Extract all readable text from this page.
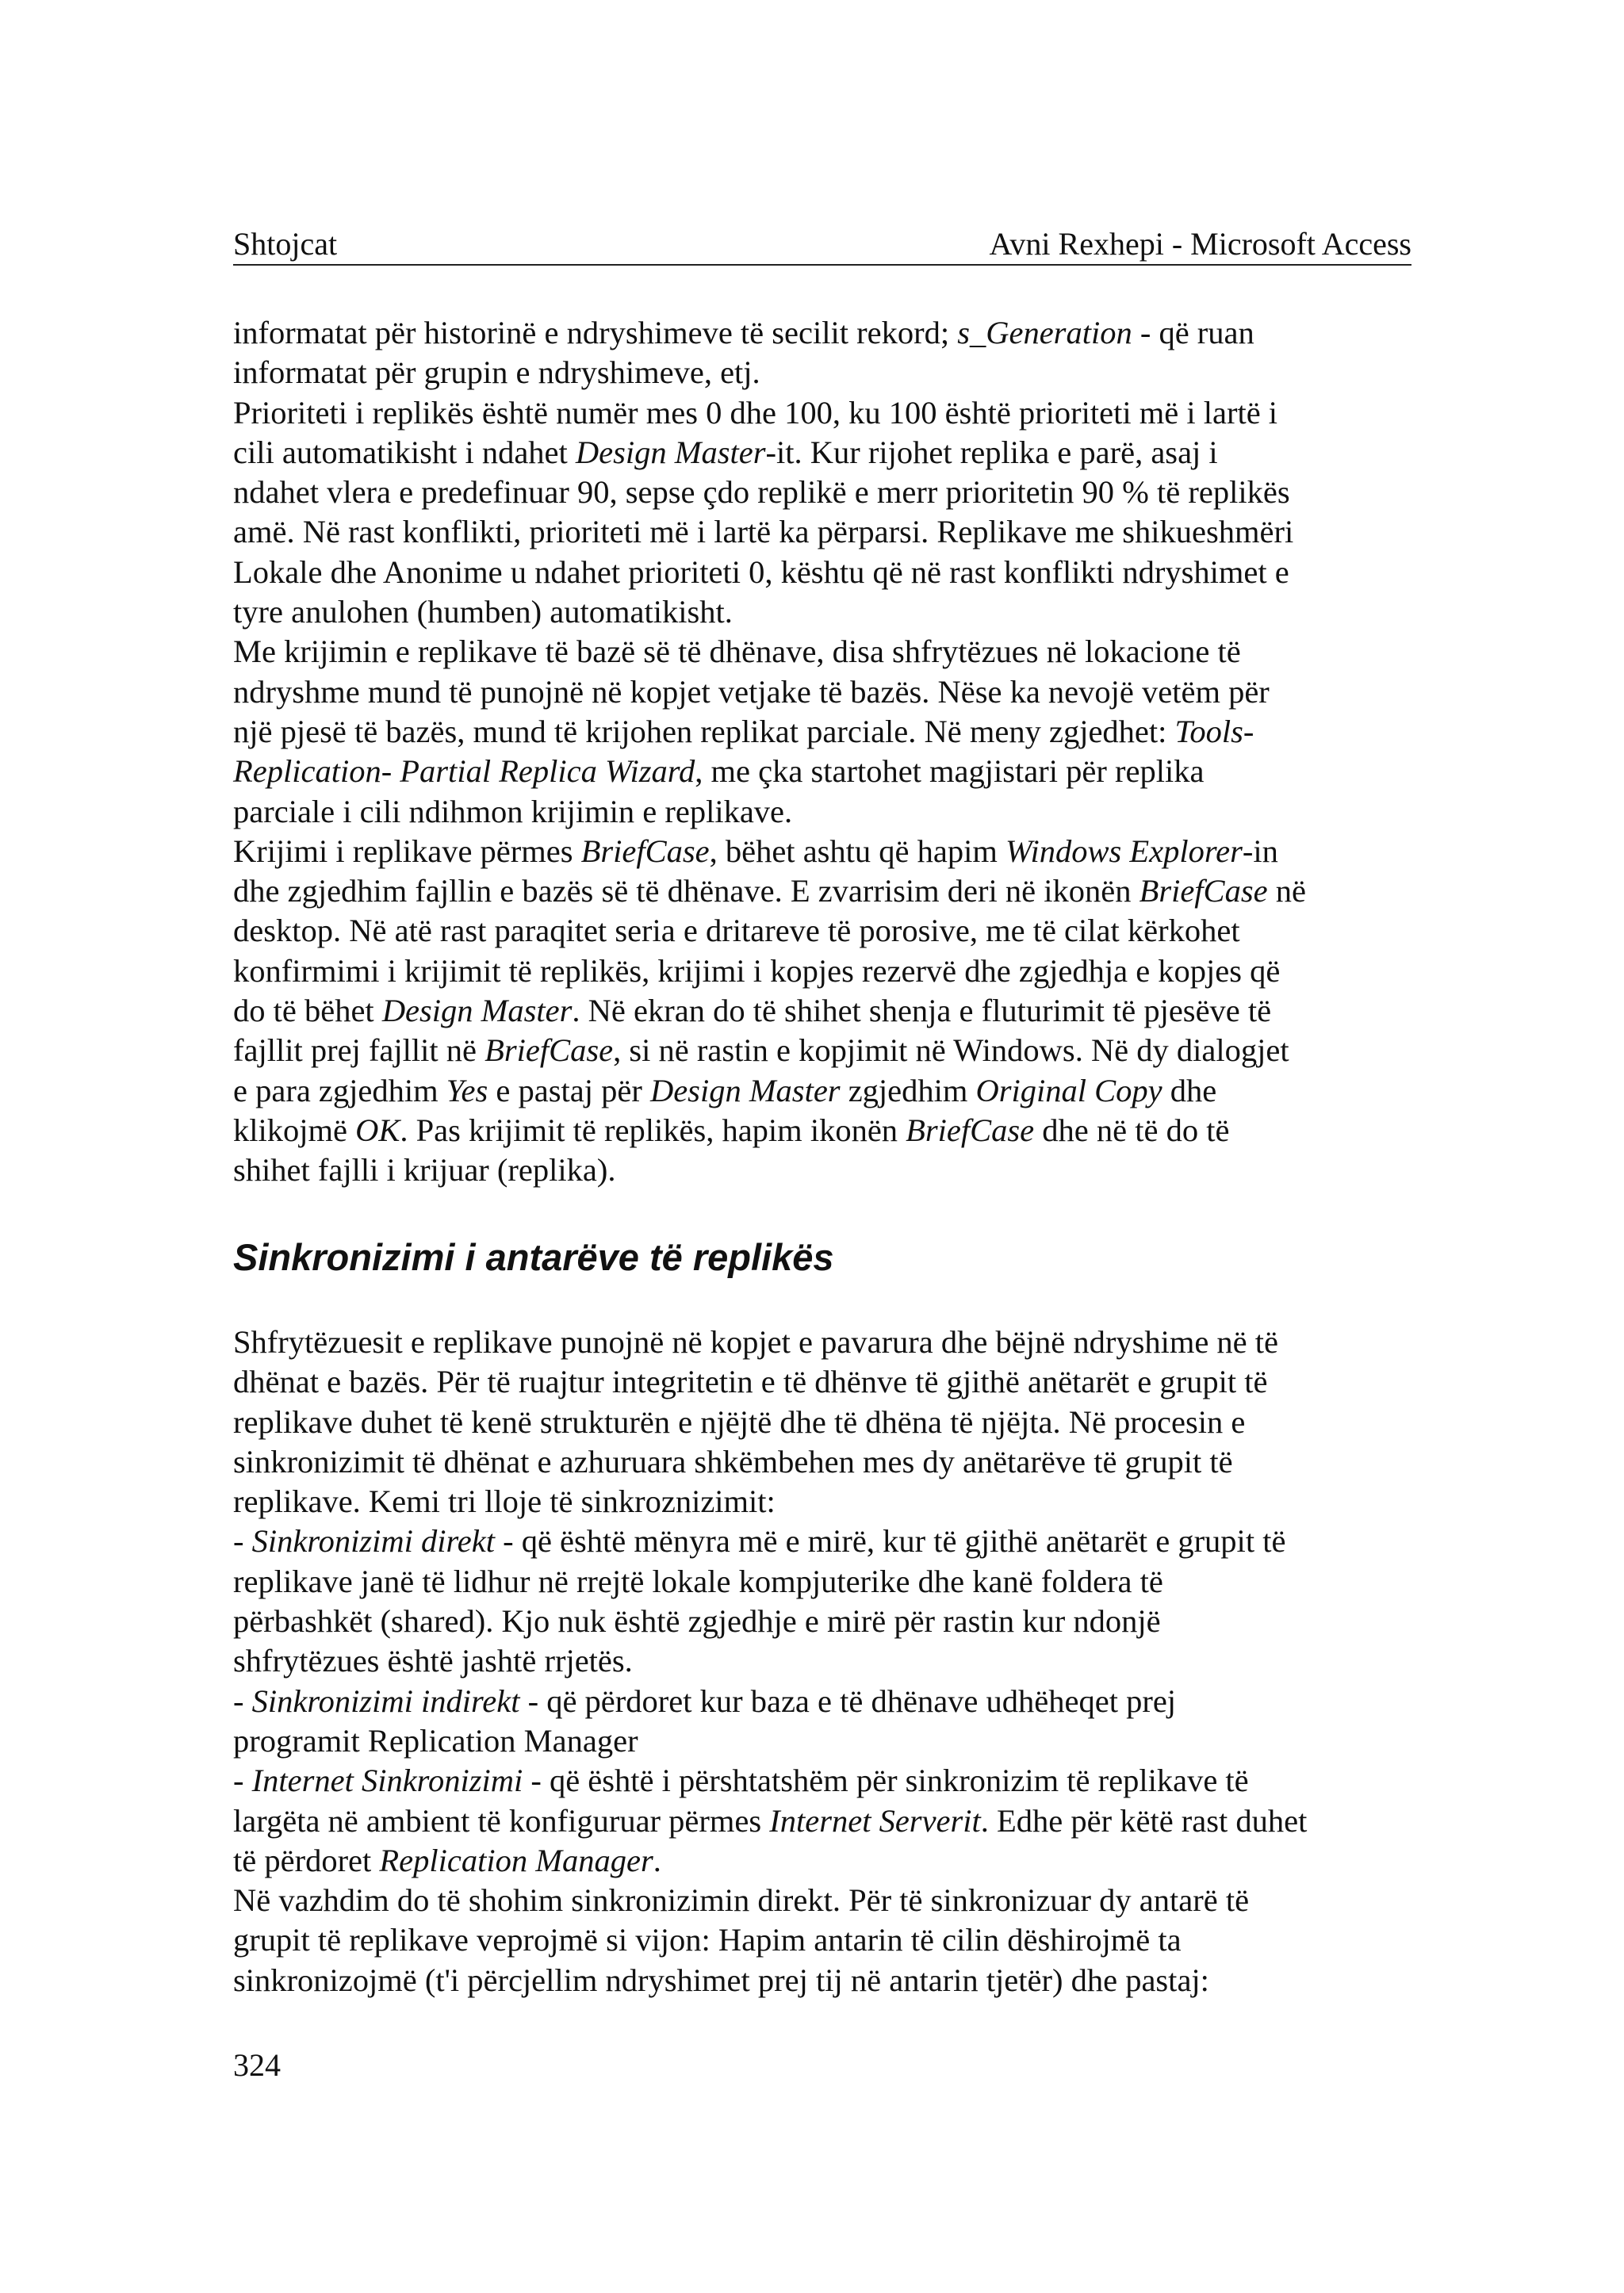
Shtojcat	Avni Rexhepi - Microsoft Access
informatat për historinë e ndryshimeve të secilit rekord; s_Generation - që ruan
informatat për grupin e ndryshimeve, etj.
Prioriteti i replikës është numër mes 0 dhe 100, ku 100 është prioriteti më i lartë i
cili automatikisht i ndahet Design Master-it. Kur rijohet replika e parë, asaj i
ndahet vlera e predefinuar 90, sepse çdo replikë e merr prioritetin 90 % të replikës
amë. Në rast konflikti, prioriteti më i lartë ka përparsi. Replikave me shikueshmëri
Lokale dhe Anonime u ndahet prioriteti 0, kështu që në rast konflikti ndryshimet e
tyre anulohen (humben) automatikisht.
Me krijimin e replikave të bazë së të dhënave, disa shfrytëzues në lokacione të
ndryshme mund të punojnë në kopjet vetjake të bazës. Nëse ka nevojë vetëm për
një pjesë të bazës, mund të krijohen replikat parciale. Në meny zgjedhet: Tools-
Replication- Partial Replica Wizard, me çka startohet magjistari për replika
parciale i cili ndihmon krijimin e replikave.
Krijimi i replikave përmes BriefCase, bëhet ashtu që hapim Windows Explorer-in
dhe zgjedhim fajllin e bazës së të dhënave. E zvarrisim deri në ikonën BriefCase në
desktop. Në atë rast paraqitet seria e dritareve të porosive, me të cilat kërkohet
konfirmimi i krijimit të replikës, krijimi i kopjes rezervë dhe zgjedhja e kopjes që
do të bëhet Design Master. Në ekran do të shihet shenja e fluturimit të pjesëve të
fajllit prej fajllit në BriefCase, si në rastin e kopjimit në Windows. Në dy dialogjet
e para zgjedhim Yes e pastaj për Design Master zgjedhim Original Copy dhe
klikojmë OK. Pas krijimit të replikës, hapim ikonën BriefCase dhe në të do të
shihet fajlli i krijuar (replika).
Sinkronizimi i antarëve të replikës
Shfrytëzuesit e replikave punojnë në kopjet e pavarura dhe bëjnë ndryshime në të
dhënat e bazës. Për të ruajtur integritetin e të dhënve të gjithë anëtarët e grupit të
replikave duhet të kenë strukturën e njëjtë dhe të dhëna të njëjta. Në procesin e
sinkronizimit të dhënat e azhuruara shkëmbehen mes dy anëtarëve të grupit të
replikave. Kemi tri lloje të sinkroznizimit:
- Sinkronizimi direkt - që është mënyra më e mirë, kur të gjithë anëtarët e grupit të
replikave janë të lidhur në rrejtë lokale kompjuterike dhe kanë foldera të
përbashkët (shared). Kjo nuk është zgjedhje e mirë për rastin kur ndonjë
shfrytëzues është jashtë rrjetës.
- Sinkronizimi indirekt - që përdoret kur baza e të dhënave udhëheqet prej
programit Replication Manager
- Internet Sinkronizimi - që është i përshtatshëm për sinkronizim të replikave të
largëta në ambient të konfiguruar përmes Internet Serverit. Edhe për këtë rast duhet
të përdoret Replication Manager.
Në vazhdim do të shohim sinkronizimin direkt. Për të sinkronizuar dy antarë të
grupit të replikave veprojmë si vijon: Hapim antarin të cilin dëshirojmë ta
sinkronizojmë (t'i përcjellim ndryshimet prej tij në antarin tjetër) dhe pastaj:
324
